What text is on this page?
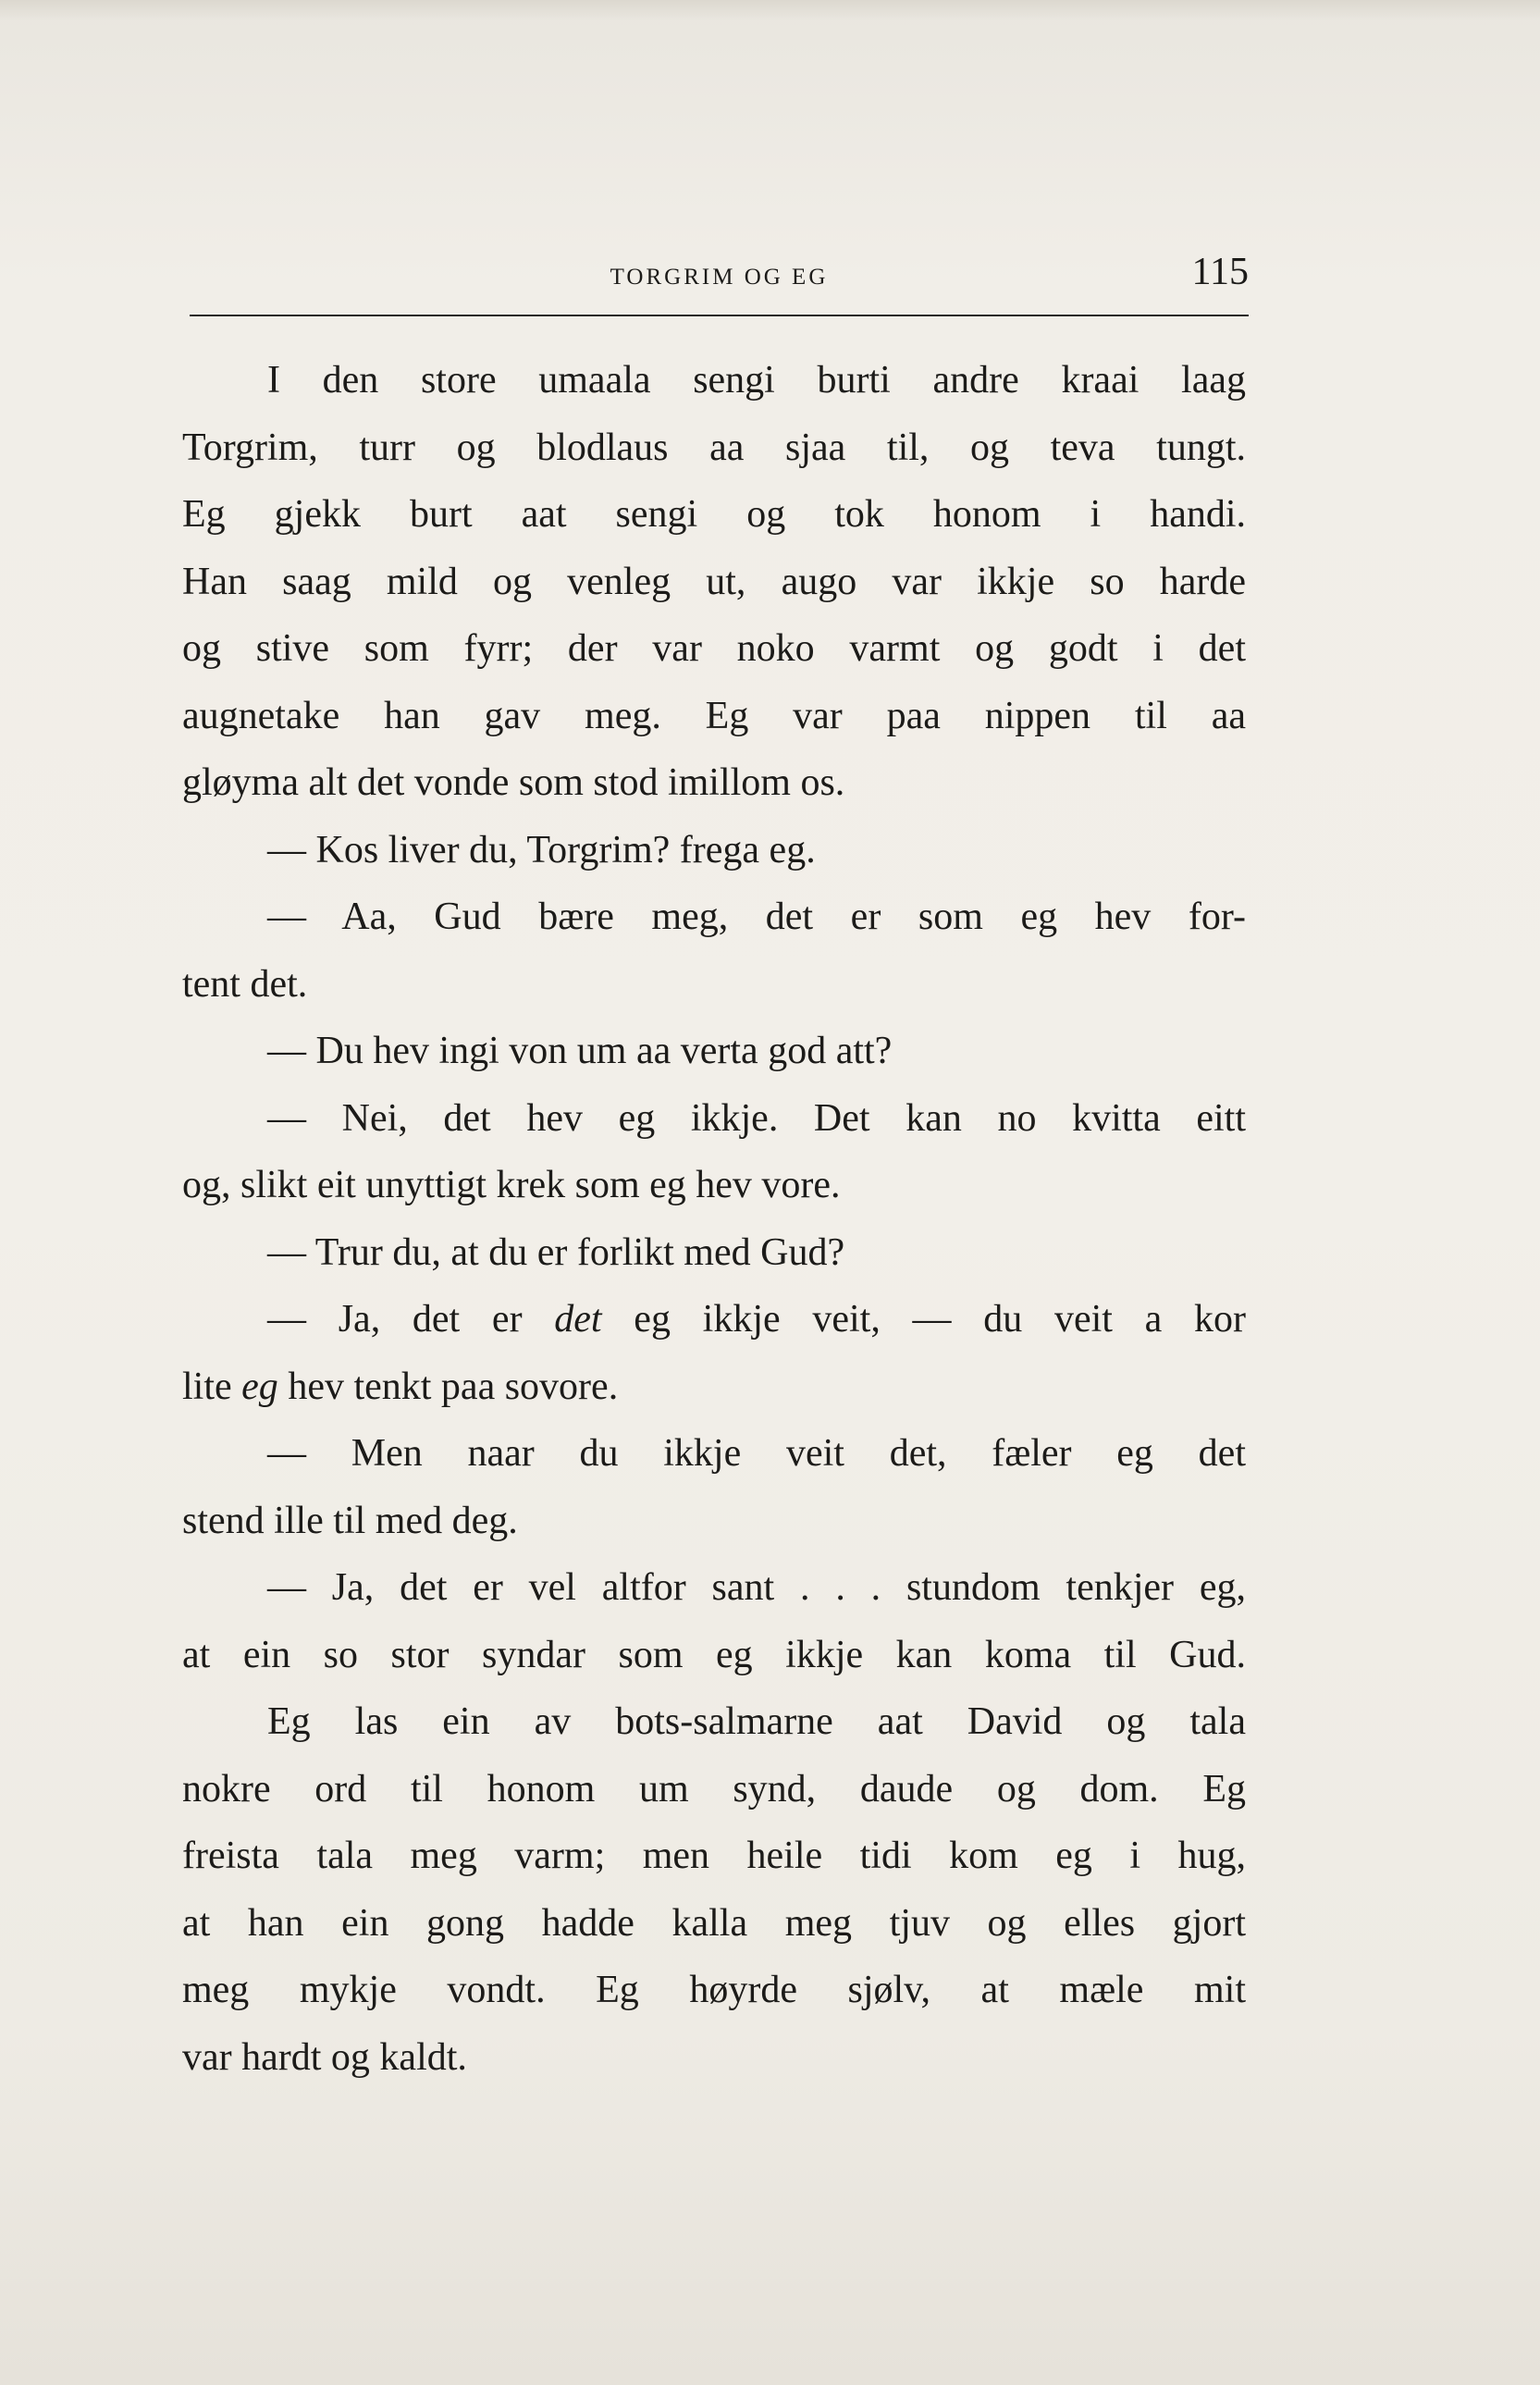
TORGRIM OG EG	115
I den store umaala sengi burti andre kraai laag
Torgrim, turr og blodlaus aa sjaa til, og teva tungt.
Eg gjekk burt aat sengi og tok honom i handi.
Han saag mild og venleg ut, augo var ikkje so harde
og stive som fyrr; der var noko varmt og godt i det
augnetake han gav meg. Eg var paa nippen til aa
gløyma alt det vonde som stod imillom os.
— Kos liver du, Torgrim? frega eg.
— Aa, Gud bære meg, det er som eg hev for-
tent det.
— Du hev ingi von um aa verta god att?
— Nei, det hev eg ikkje. Det kan no kvitta eitt
og, slikt eit unyttigt krek som eg hev vore.
— Trur du, at du er forlikt med Gud?
— Ja, det er det eg ikkje veit, — du veit a kor
lite eg hev tenkt paa sovore.
— Men naar du ikkje veit det, fæler eg det
stend ille til med deg.
— Ja, det er vel altfor sant . . . stundom tenkjer eg,
at ein so stor syndar som eg ikkje kan koma til Gud.
Eg las ein av bots-salmarne aat David og tala
nokre ord til honom um synd, daude og dom. Eg
freista tala meg varm; men heile tidi kom eg i hug,
at han ein gong hadde kalla meg tjuv og elles gjort
meg mykje vondt. Eg høyrde sjølv, at mæle mit
var hardt og kaldt.
